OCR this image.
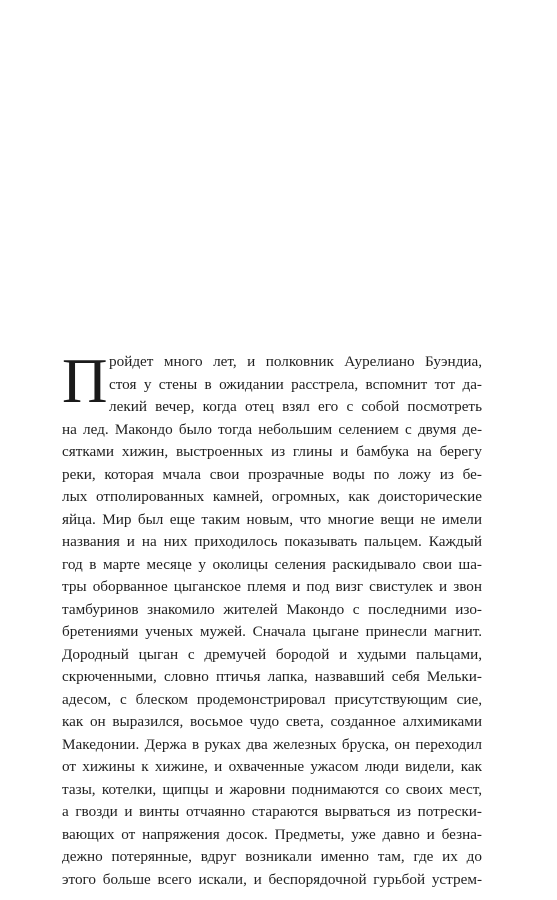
П ройдет много лет, и полковник Аурелиано Буэндиа,
стоя у стены в ожидании расстрела, вспомнит тот да-
лекий вечер, когда отец взял его с собой посмотреть
на лед. Макондо было тогда небольшим селением с двумя де-
сятками хижин, выстроенных из глины и бамбука на берегу
реки, которая мчала свои прозрачные воды по ложу из бе-
лых отполированных камней, огромных, как доисторические
яйца. Мир был еще таким новым, что многие вещи не имели
названия и на них приходилось показывать пальцем. Каждый
год в марте месяце у околицы селения раскидывало свои ша-
тры оборванное цыганское племя и под визг свистулек и звон
тамбуринов знакомило жителей Макондо с последними изо-
бретениями ученых мужей. Сначала цыгане принесли магнит.
Дородный цыган с дремучей бородой и худыми пальцами,
скрюченными, словно птичья лапка, назвавший себя Мельки-
адесом, с блеском продемонстрировал присутствующим сие,
как он выразился, восьмое чудо света, созданное алхимиками
Македонии. Держа в руках два железных бруска, он переходил
от хижины к хижине, и охваченные ужасом люди видели, как
тазы, котелки, щипцы и жаровни поднимаются со своих мест,
а гвозди и винты отчаянно стараются вырваться из потрески-
вающих от напряжения досок. Предметы, уже давно и безна-
дежно потерянные, вдруг возникали именно там, где их до
этого больше всего искали, и беспорядочной гурьбой устрем-
